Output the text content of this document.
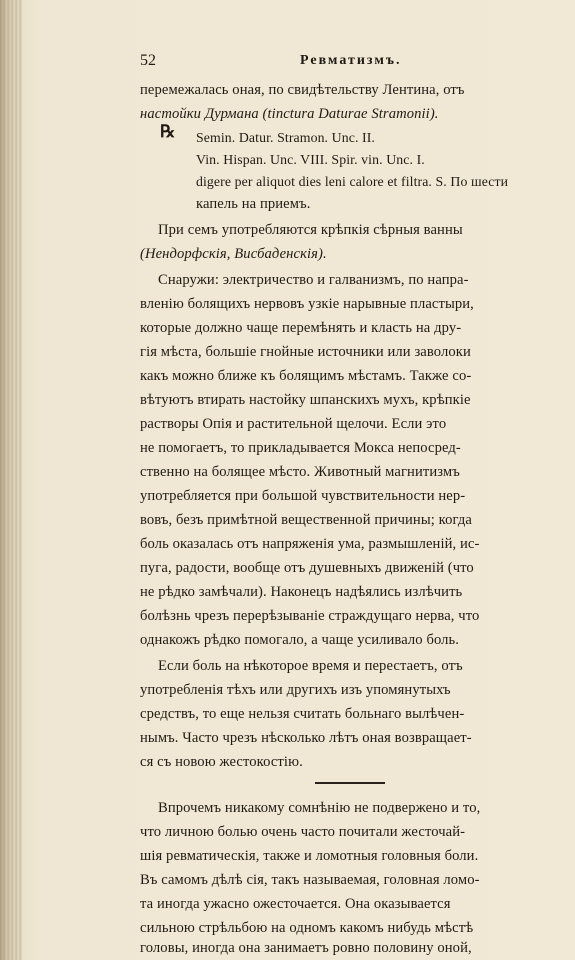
52	Ревматизмъ.
перемежалась оная, по свидѣтельству Лентина, отъ
настойки Дурмана (tinctura Daturae Stramonii).
℞ Semin. Datur. Stramon. Unc. II.
Vin. Hispan. Unc. VIII. Spir. vin. Unc. I.
digere per aliquot dies leni calore et filtra. S. По шести
капель на приемъ.
При семъ употребляются крѣпкія сѣрныя ванны
(Нендорфскія, Висбаденскія).
Снаружи: электричество и галванизмъ, по напра-
вленію болящихъ нервовъ узкіе нарывные пластыри,
которые должно чаще перемѣнять и класть на дру-
гія мѣста, большіе гнойные источники или заволоки
какъ можно ближе къ болящимъ мѣстамъ. Также со-
вѣтуютъ втирать настойку шпанскихъ мухъ, крѣпкіе
растворы Опія и растительной щелочи. Если это
не помогаетъ, то прикладывается Мокса непосред-
ственно на болящее мѣсто. Животный магнитизмъ
употребляется при большой чувствительности нер-
вовъ, безъ примѣтной вещественной причины; когда
боль оказалась отъ напряженія ума, размышленій, ис-
пуга, радости, вообще отъ душевныхъ движеній (что
не рѣдко замѣчали). Наконецъ надѣялись излѣчить
болѣзнь чрезъ перерѣзываніе страждущаго нерва, что
однакожъ рѣдко помогало, а чаще усиливало боль.
Если боль на нѣкоторое время и перестаетъ, отъ
употребленія тѣхъ или другихъ изъ упомянутыхъ
средствъ, то еще нельзя считать больнаго вылѣчен-
нымъ. Часто чрезъ нѣсколько лѣтъ оная возвращает-
ся съ новою жестокостію.
Впрочемъ никакому сомнѣнію не подвержено и то,
что личною болью очень часто почитали жесточай-
шія ревматическія, также и ломотныя головныя боли.
Въ самомъ дѣлѣ сія, такъ называемая, головная ломо-
та иногда ужасно ожесточается. Она оказывается
сильною стрѣльбою на одномъ какомъ нибудь мѣстѣ
головы, иногда она занимаетъ ровно половину оной,
